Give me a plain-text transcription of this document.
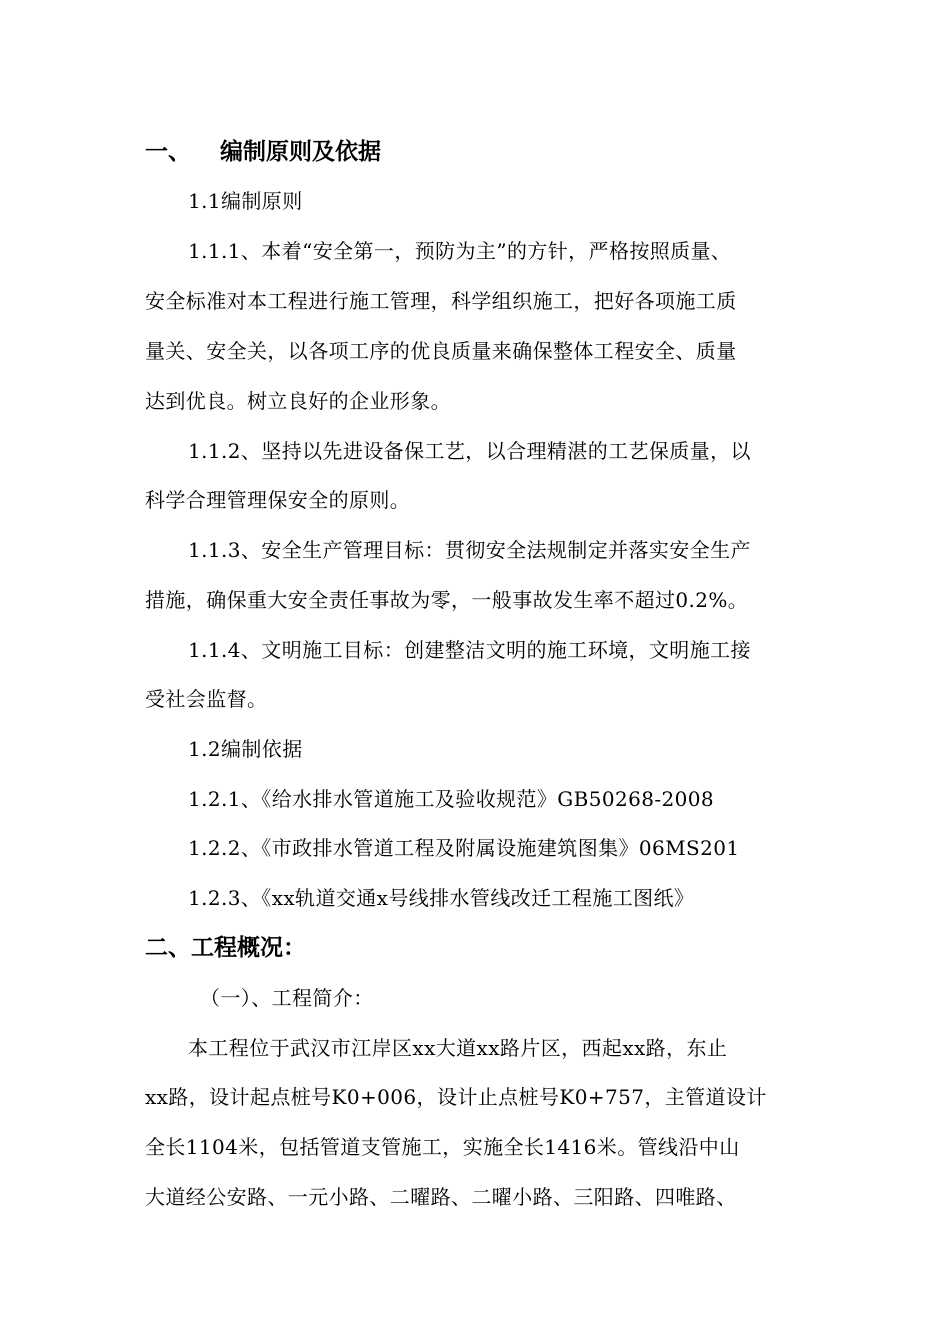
一、 编制原则及依据
1.1编制原则
1.1.1、本着“安全第一，预防为主”的方针，严格按照质量、
安全标准对本工程进行施工管理，科学组织施工，把好各项施工质
量关、安全关，以各项工序的优良质量来确保整体工程安全、质量
达到优良。树立良好的企业形象。
1.1.2、坚持以先进设备保工艺，以合理精湛的工艺保质量，以
科学合理管理保安全的原则。
1.1.3、安全生产管理目标：贯彻安全法规制定并落实安全生产
措施，确保重大安全责任事故为零，一般事故发生率不超过0.2%。
1.1.4、文明施工目标：创建整洁文明的施工环境，文明施工接
受社会监督。
1.2编制依据
1.2.1、《给水排水管道施工及验收规范》GB50268-2008
1.2.2、《市政排水管道工程及附属设施建筑图集》06MS201
1.2.3、《xx轨道交通x号线排水管线改迁工程施工图纸》
二、工程概况：
（一）、工程简介：
本工程位于武汉市江岸区xx大道xx路片区，西起xx路，东止
xx路，设计起点桩号K0+006，设计止点桩号K0+757，主管道设计
全长1104米，包括管道支管施工，实施全长1416米。管线沿中山
大道经公安路、一元小路、二曜路、二曜小路、三阳路、四唯路、
